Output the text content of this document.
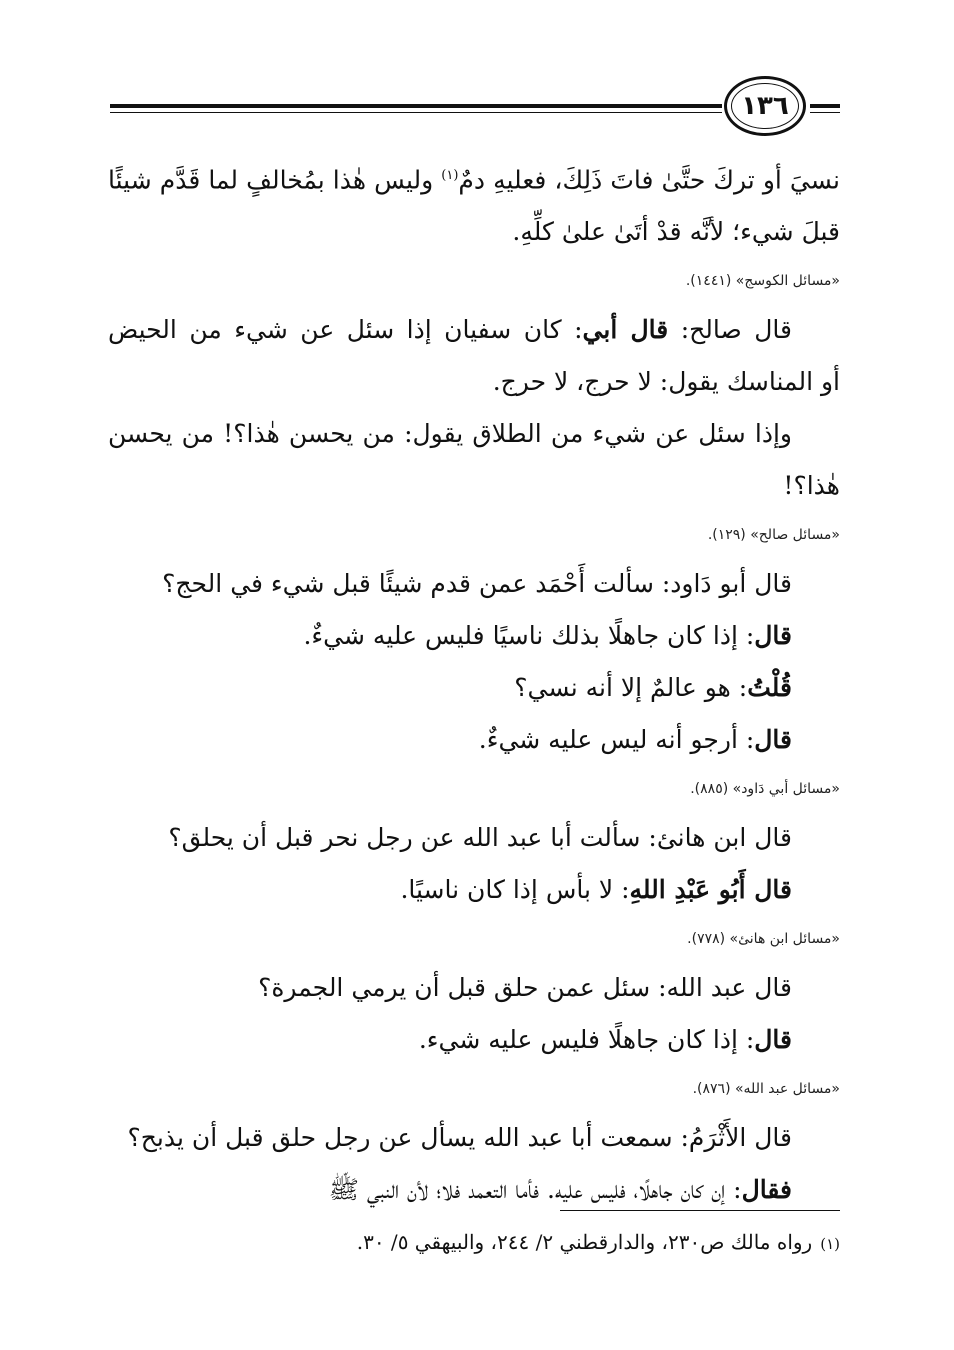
١٣٦
نسيَ أو تركَ حتَّىٰ فاتَ ذَلِكَ، فعليهِ دمٌ$^{(١)}$ وليس هٰذا بمُخالفٍ لما قَدَّم شيئًا
قبلَ شيء؛ لأنَّه قدْ أتَىٰ علىٰ كلِّهِ.
«مسائل الكوسج» (١٤٤١).
قال صالح: قال أبي: كان سفيان إذا سئل عن شيء من الحيض
أو المناسك يقول: لا حرج، لا حرج.
وإذا سئل عن شيء من الطلاق يقول: من يحسن هٰذا؟! من يحسن
هٰذا؟!
«مسائل صالح» (١٢٩).
قال أبو دَاود: سألت أَحْمَد عمن قدم شيئًا قبل شيء في الحج؟
قال: إذا كان جاهلًا بذلك ناسيًا فليس عليه شيءٌ.
قُلْتُ: هو عالمٌ إلا أنه نسي؟
قال: أرجو أنه ليس عليه شيءٌ.
«مسائل أبي دَاود» (٨٨٥).
قال ابن هانئ: سألت أبا عبد الله عن رجل نحر قبل أن يحلق؟
قال أَبُو عَبْدِ اللهِ: لا بأس إذا كان ناسيًا.
«مسائل ابن هانئ» (٧٧٨).
قال عبد الله: سئل عمن حلق قبل أن يرمي الجمرة؟
قال: إذا كان جاهلًا فليس عليه شيء.
«مسائل عبد الله» (٨٧٦).
قال الأَثْرَمُ: سمعت أبا عبد الله يسأل عن رجل حلق قبل أن يذبح؟
فقال: إن كان جاهلًا، فليس عليه. فأما التعمد فلا؛ لأن النبي ﷺ
(١)رواه مالك ص٢٣٠، والدارقطني ٢/ ٢٤٤، والبيهقي ٥/ ٣٠.
